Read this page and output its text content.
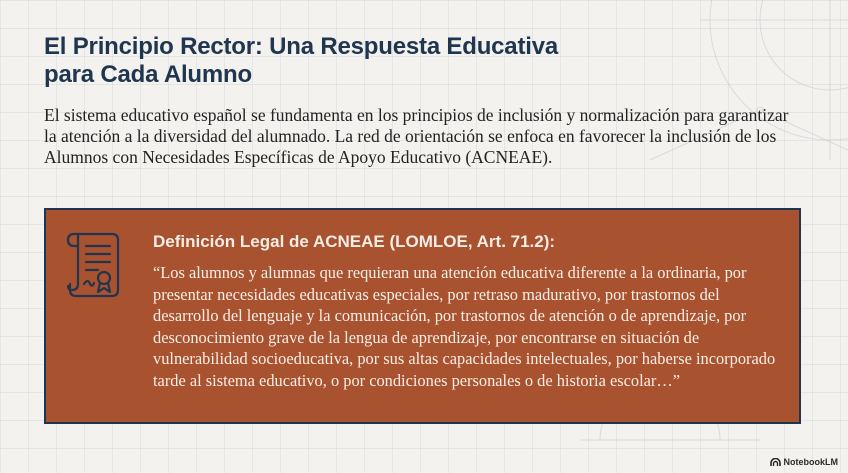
El Principio Rector: Una Respuesta Educativa
para Cada Alumno

El sistema educativo español se fundamenta en los principios de inclusión y normalización para garantizar la atención a la diversidad del alumnado. La red de orientación se enfoca en favorecer la inclusión de los Alumnos con Necesidades Específicas de Apoyo Educativo (ACNEAE).

Definición Legal de ACNEAE (LOMLOE, Art. 71.2):

“Los alumnos y alumnas que requieran una atención educativa diferente a la ordinaria, por presentar necesidades educativas especiales, por retraso madurativo, por trastornos del desarrollo del lenguaje y la comunicación, por trastornos de atención o de aprendizaje, por desconocimiento grave de la lengua de aprendizaje, por encontrarse en situación de vulnerabilidad socioeducativa, por sus altas capacidades intelectuales, por haberse incorporado tarde al sistema educativo, o por condiciones personales o de historia escolar…”

NotebookLM
